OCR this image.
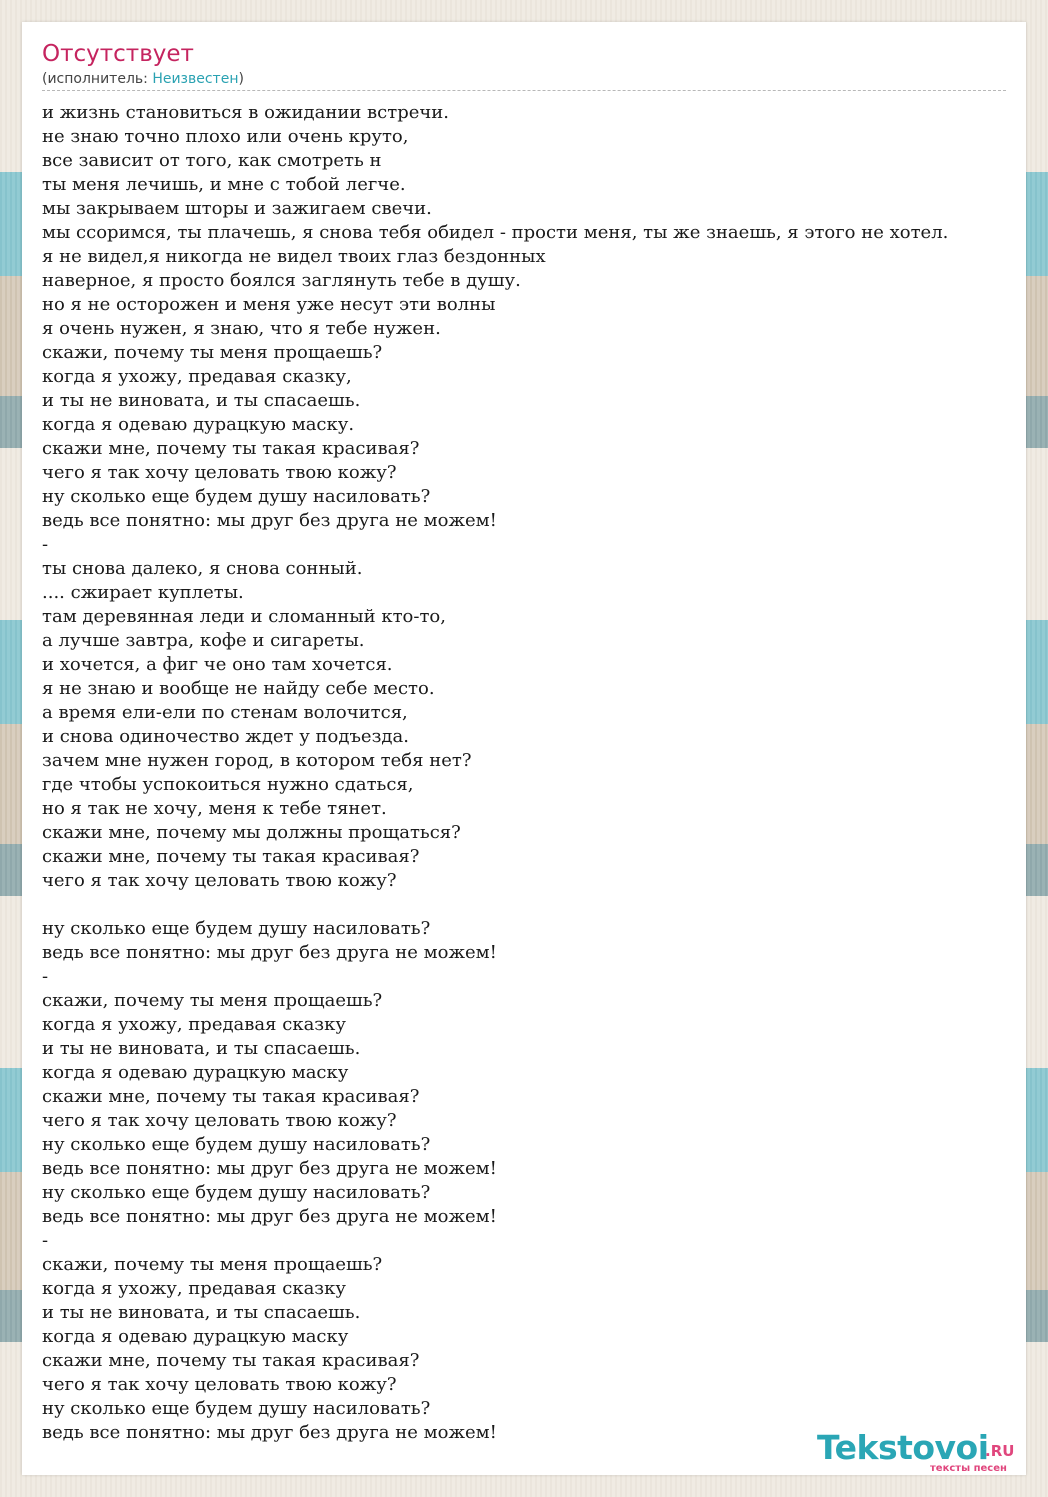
Отсутствует
(исполнитель: Неизвестен)
и жизнь становиться в ожидании встречи.
не знаю точно плохо или очень круто,
все зависит от того, как смотреть н
ты меня лечишь, и мне с тобой легче.
мы закрываем шторы и зажигаем свечи.
мы ссоримся, ты плачешь, я снова тебя обидел - прости меня, ты же знаешь, я этого не хотел.
я не видел,я никогда не видел твоих глаз бездонных
наверное, я просто боялся заглянуть тебе в душу.
но я не осторожен и меня уже несут эти волны
я очень нужен, я знаю, что я тебе нужен.
скажи, почему ты меня прощаешь?
когда я ухожу, предавая сказку,
и ты не виновата, и ты спасаешь.
когда я одеваю дурацкую маску.
скажи мне, почему ты такая красивая?
чего я так хочу целовать твою кожу?
ну сколько еще будем душу насиловать?
ведь все понятно: мы друг без друга не можем!
-
ты снова далеко, я снова сонный.
.... сжирает куплеты.
там деревянная леди и сломанный кто-то,
а лучше завтра, кофе и сигареты.
и хочется, а фиг че оно там хочется.
я не знаю и вообще не найду себе место.
а время ели-ели по стенам волочится,
и снова одиночество ждет у подъезда.
зачем мне нужен город, в котором тебя нет?
где чтобы успокоиться нужно сдаться,
но я так не хочу, меня к тебе тянет.
скажи мне, почему мы должны прощаться?
скажи мне, почему ты такая красивая?
чего я так хочу целовать твою кожу?
ну сколько еще будем душу насиловать?
ведь все понятно: мы друг без друга не можем!
-
скажи, почему ты меня прощаешь?
когда я ухожу, предавая сказку
и ты не виновата, и ты спасаешь.
когда я одеваю дурацкую маску
скажи мне, почему ты такая красивая?
чего я так хочу целовать твою кожу?
ну сколько еще будем душу насиловать?
ведь все понятно: мы друг без друга не можем!
ну сколько еще будем душу насиловать?
ведь все понятно: мы друг без друга не можем!
-
скажи, почему ты меня прощаешь?
когда я ухожу, предавая сказку
и ты не виновата, и ты спасаешь.
когда я одеваю дурацкую маску
скажи мне, почему ты такая красивая?
чего я так хочу целовать твою кожу?
ну сколько еще будем душу насиловать?
ведь все понятно: мы друг без друга не можем!	Tekstovoi
.RU
тексты песен
